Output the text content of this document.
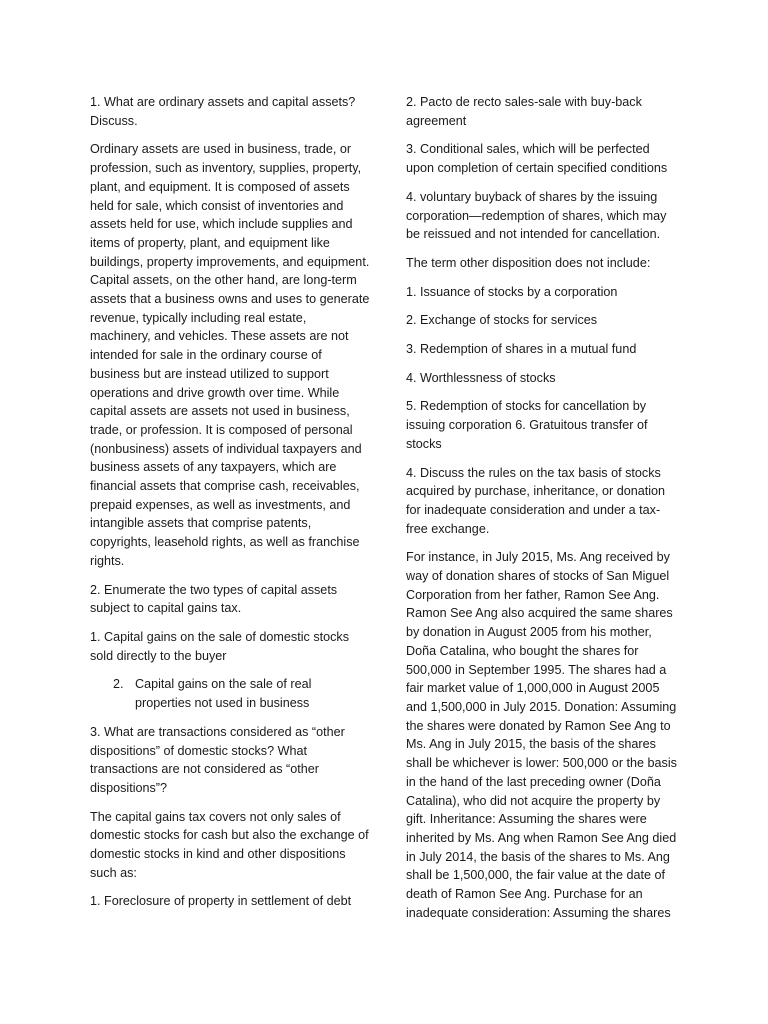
1. What are ordinary assets and capital assets? Discuss.

Ordinary assets are used in business, trade, or profession, such as inventory, supplies, property, plant, and equipment. It is composed of assets held for sale, which consist of inventories and assets held for use, which include supplies and items of property, plant, and equipment like buildings, property improvements, and equipment. Capital assets, on the other hand, are long-term assets that a business owns and uses to generate revenue, typically including real estate, machinery, and vehicles. These assets are not intended for sale in the ordinary course of business but are instead utilized to support operations and drive growth over time. While capital assets are assets not used in business, trade, or profession. It is composed of personal (nonbusiness) assets of individual taxpayers and business assets of any taxpayers, which are financial assets that comprise cash, receivables, prepaid expenses, as well as investments, and intangible assets that comprise patents, copyrights, leasehold rights, as well as franchise rights.

2. Enumerate the two types of capital assets subject to capital gains tax.

1. Capital gains on the sale of domestic stocks sold directly to the buyer

2. Capital gains on the sale of real properties not used in business

3. What are transactions considered as “other dispositions” of domestic stocks? What transactions are not considered as “other dispositions”?

The capital gains tax covers not only sales of domestic stocks for cash but also the exchange of domestic stocks in kind and other dispositions such as:

1. Foreclosure of property in settlement of debt

2. Pacto de recto sales-sale with buy-back agreement

3. Conditional sales, which will be perfected upon completion of certain specified conditions

4. voluntary buyback of shares by the issuing corporation—redemption of shares, which may be reissued and not intended for cancellation.

The term other disposition does not include:

1. Issuance of stocks by a corporation

2. Exchange of stocks for services

3. Redemption of shares in a mutual fund

4. Worthlessness of stocks

5. Redemption of stocks for cancellation by issuing corporation 6. Gratuitous transfer of stocks

4. Discuss the rules on the tax basis of stocks acquired by purchase, inheritance, or donation for inadequate consideration and under a tax-free exchange.

For instance, in July 2015, Ms. Ang received by way of donation shares of stocks of San Miguel Corporation from her father, Ramon See Ang. Ramon See Ang also acquired the same shares by donation in August 2005 from his mother, Doña Catalina, who bought the shares for 500,000 in September 1995. The shares had a fair market value of 1,000,000 in August 2005 and 1,500,000 in July 2015. Donation: Assuming the shares were donated by Ramon See Ang to Ms. Ang in July 2015, the basis of the shares shall be whichever is lower: 500,000 or the basis in the hand of the last preceding owner (Doña Catalina), who did not acquire the property by gift. Inheritance: Assuming the shares were inherited by Ms. Ang when Ramon See Ang died in July 2014, the basis of the shares to Ms. Ang shall be 1,500,000, the fair value at the date of death of Ramon See Ang. Purchase for an inadequate consideration: Assuming the shares
